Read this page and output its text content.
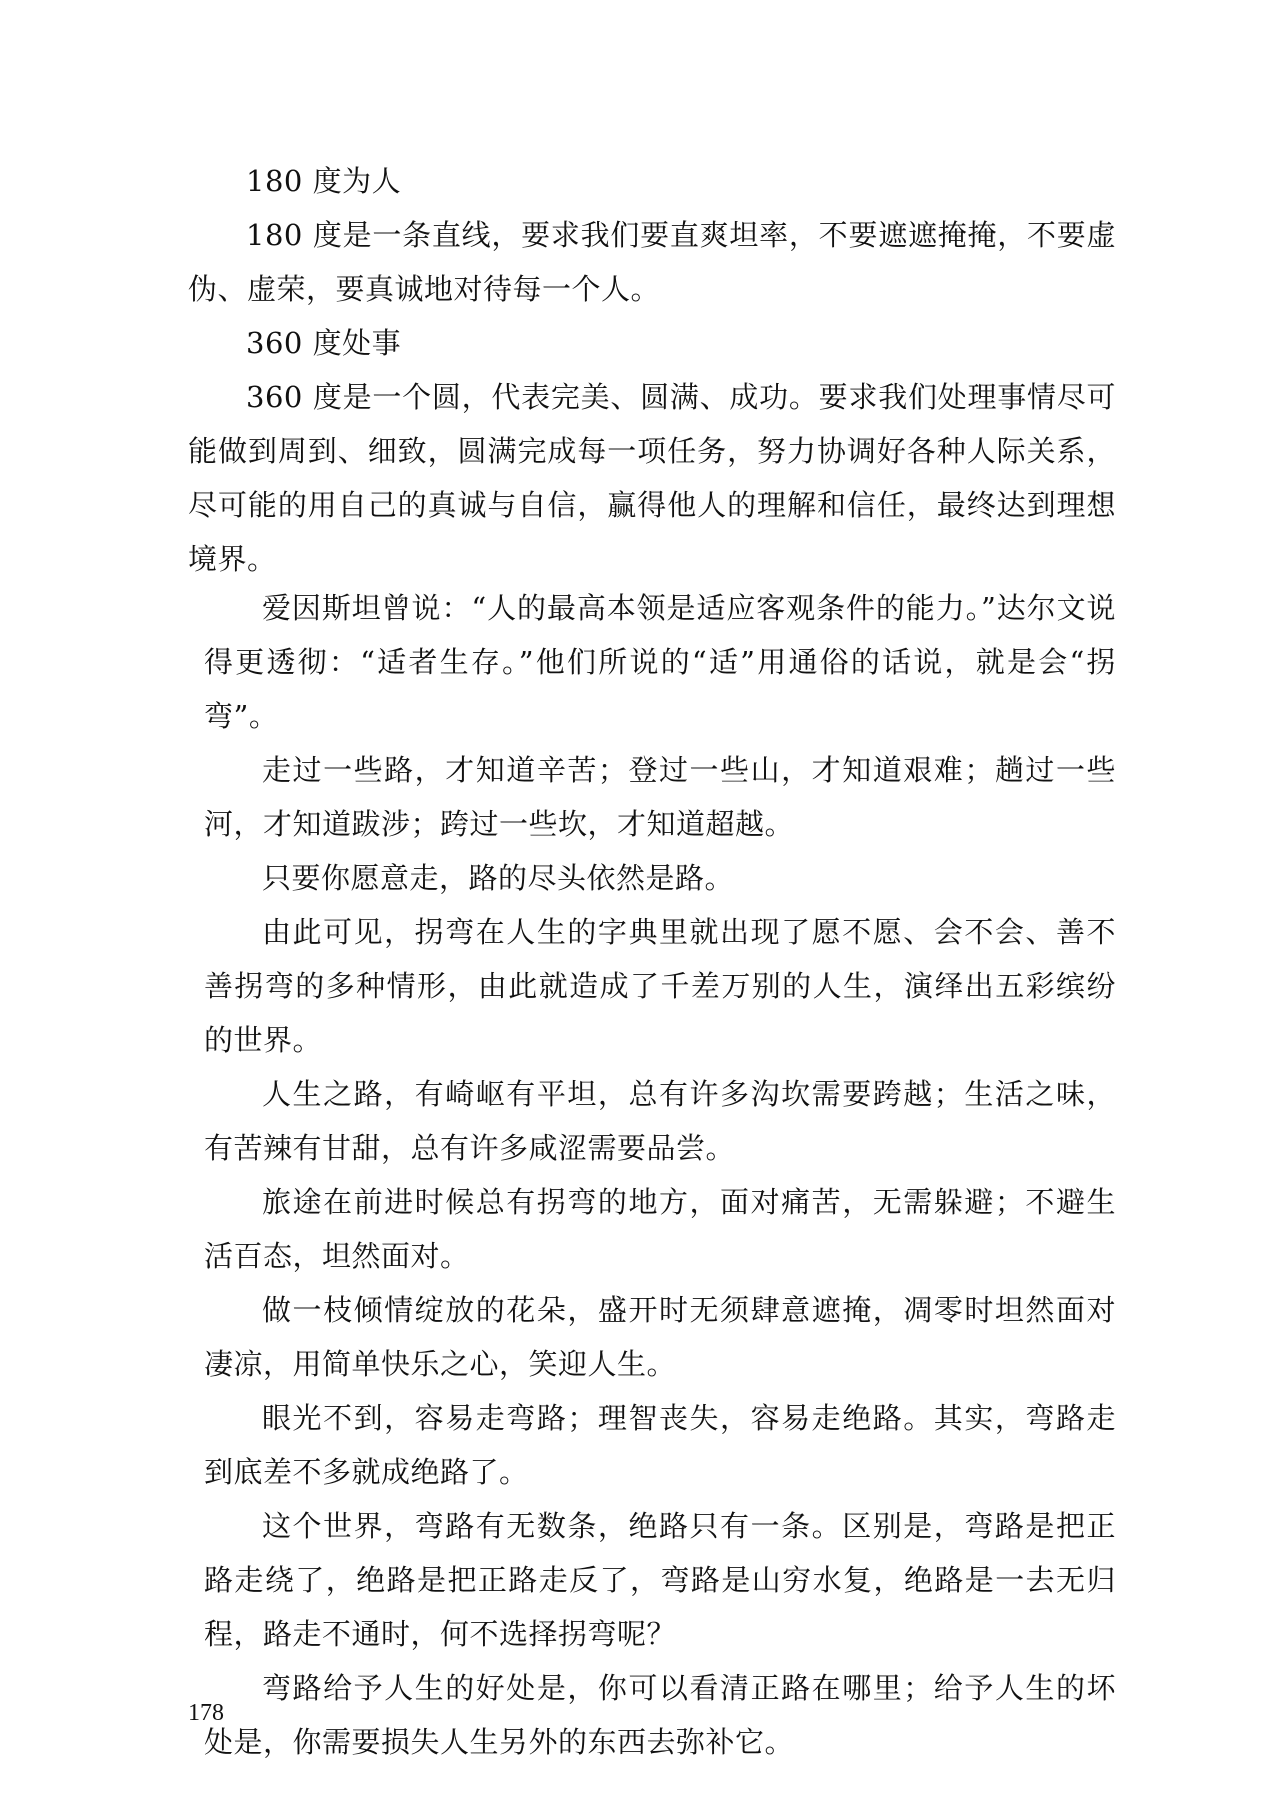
180 度为人

180 度是一条直线，要求我们要直爽坦率，不要遮遮掩掩，不要虚伪、虚荣，要真诚地对待每一个人。

360 度处事

360 度是一个圆，代表完美、圆满、成功。要求我们处理事情尽可能做到周到、细致，圆满完成每一项任务，努力协调好各种人际关系，尽可能的用自己的真诚与自信，赢得他人的理解和信任，最终达到理想境界。

爱因斯坦曾说：“人的最高本领是适应客观条件的能力。”达尔文说得更透彻：“适者生存。”他们所说的“适”用通俗的话说，就是会“拐弯”。

走过一些路，才知道辛苦；登过一些山，才知道艰难；趟过一些河，才知道跋涉；跨过一些坎，才知道超越。

只要你愿意走，路的尽头依然是路。

由此可见，拐弯在人生的字典里就出现了愿不愿、会不会、善不善拐弯的多种情形，由此就造成了千差万别的人生，演绎出五彩缤纷的世界。

人生之路，有崎岖有平坦，总有许多沟坎需要跨越；生活之味，有苦辣有甘甜，总有许多咸涩需要品尝。

旅途在前进时候总有拐弯的地方，面对痛苦，无需躲避；不避生活百态，坦然面对。

做一枝倾情绽放的花朵，盛开时无须肆意遮掩，凋零时坦然面对凄凉，用简单快乐之心，笑迎人生。

眼光不到，容易走弯路；理智丧失，容易走绝路。其实，弯路走到底差不多就成绝路了。

这个世界，弯路有无数条，绝路只有一条。区别是，弯路是把正路走绕了，绝路是把正路走反了，弯路是山穷水复，绝路是一去无归程，路走不通时，何不选择拐弯呢？

弯路给予人生的好处是，你可以看清正路在哪里；给予人生的坏处是，你需要损失人生另外的东西去弥补它。

178
